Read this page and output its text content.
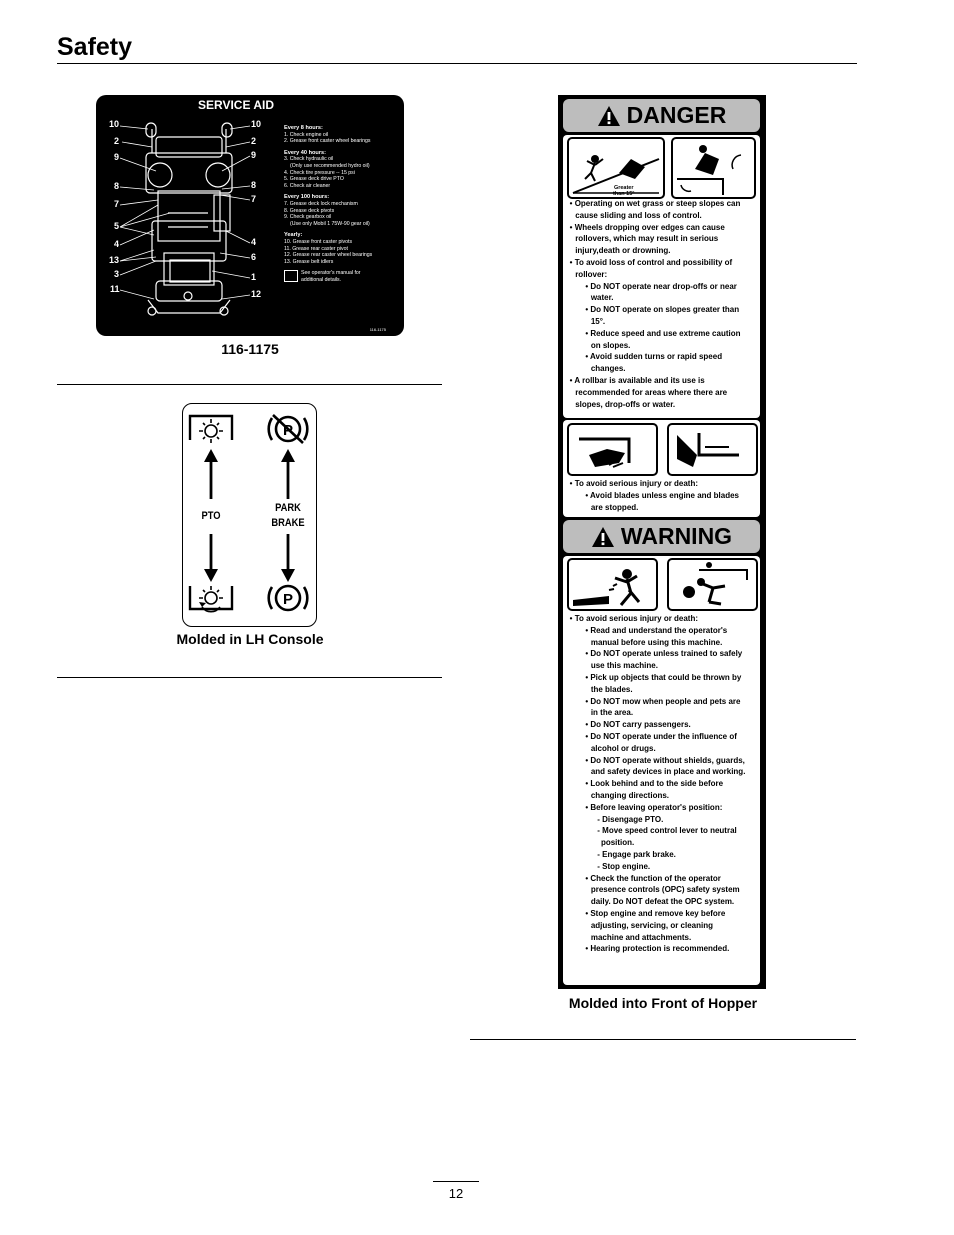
Safety
SERVICE AID
10
2
9
8
7
5
4
13
3
11
10
2
9
8
7
4
6
1
12
Every 8 hours:
1. Check engine oil
2. Grease front caster wheel bearings
Every 40 hours:
3. Check hydraulic oil
(Only use recommended hydro oil)
4. Check tire pressure -- 15 psi
5. Grease deck drive PTO
6. Check air cleaner
Every 100 hours:
7. Grease deck lock mechanism
8. Grease deck pivots
9. Check gearbox oil
(Use only Mobil 1 75W-90 gear oil)
Yearly:
10. Grease front caster pivots
11. Grease rear caster pivot
12. Grease rear caster wheel bearings
13. Grease belt idlers
See operator's manual for additional details.
116-1175
116-1175
P
P
PTO
PARK
BRAKE
Molded in LH Console
DANGER
Greater
than 15°
• Operating on wet grass or steep slopes can cause sliding and loss of control.
• Wheels dropping over edges can cause rollovers, which may result in serious injury,death or drowning.
• To avoid loss of control and possibility of rollover:
• Do NOT operate near drop-offs or near water.
• Do NOT operate on slopes greater than 15°.
• Reduce speed and use extreme caution on slopes.
• Avoid sudden turns or rapid speed changes.
• A rollbar is available and its use is recommended for areas where there are slopes, drop-offs or water.
• To avoid serious injury or death:
• Avoid blades unless engine and blades are stopped.
WARNING
• To avoid serious injury or death:
• Read and understand the operator's manual before using this machine.
• Do NOT operate unless trained to safely use this machine.
• Pick up objects that could be thrown by the blades.
• Do NOT mow when people and pets are in the area.
• Do NOT carry passengers.
• Do NOT operate under the influence of alcohol or drugs.
• Do NOT operate without shields, guards, and safety devices in place and working.
• Look behind and to the side before changing directions.
• Before leaving operator's position:
- Disengage PTO.
- Move speed control lever to neutral position.
- Engage park brake.
- Stop engine.
• Check the function of the operator presence controls (OPC) safety system daily. Do NOT defeat the OPC system.
• Stop engine and remove key before adjusting, servicing, or cleaning machine and attachments.
• Hearing protection is recommended.
Molded into Front of Hopper
12
